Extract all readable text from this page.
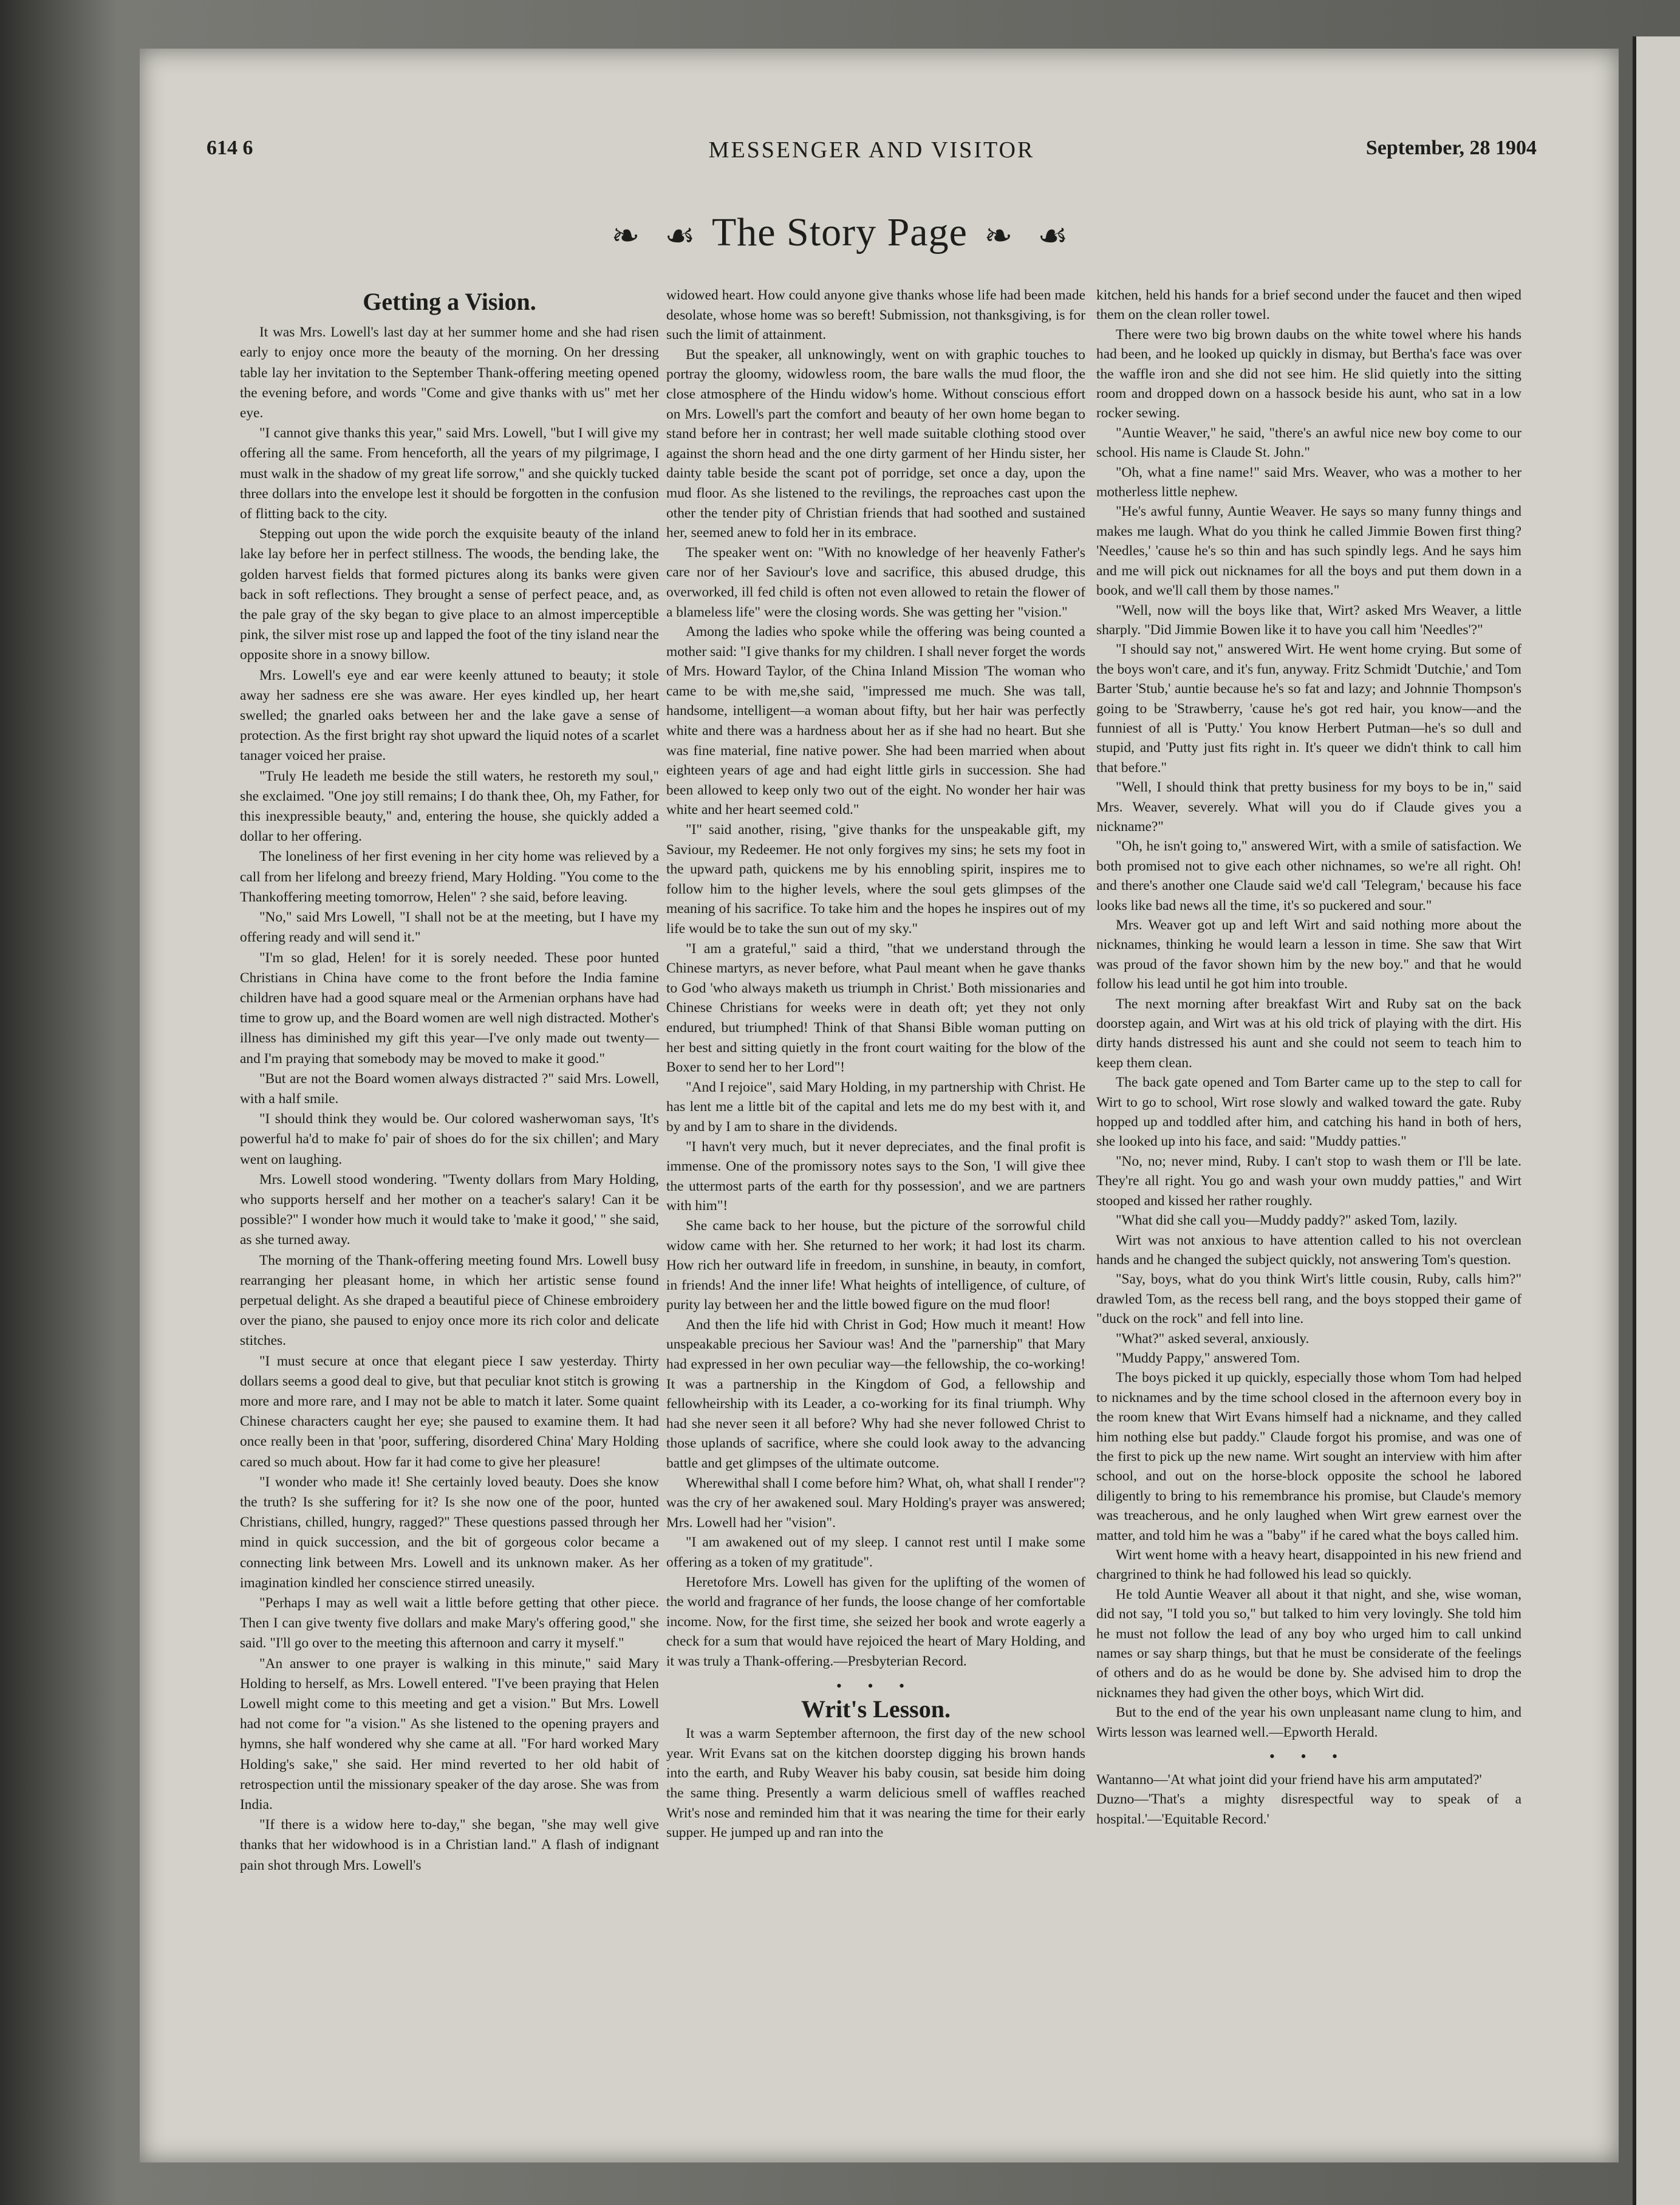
614 6	MESSENGER AND VISITOR	September, 28 1904
❧ ☙ The Story Page ❧ ☙
Getting a Vision.

It was Mrs. Lowell's last day at her summer home and she had risen early to enjoy once more the beauty of the morning. On her dressing table lay her invitation to the September Thank-offering meeting opened the evening before, and words "Come and give thanks with us" met her eye.

"I cannot give thanks this year," said Mrs. Lowell, "but I will give my offering all the same. From henceforth, all the years of my pilgrimage, I must walk in the shadow of my great life sorrow," and she quickly tucked three dollars into the envelope lest it should be forgotten in the confusion of flitting back to the city.

Stepping out upon the wide porch the exquisite beauty of the inland lake lay before her in perfect stillness. The woods, the bending lake, the golden harvest fields that formed pictures along its banks were given back in soft reflections. They brought a sense of perfect peace, and, as the pale gray of the sky began to give place to an almost imperceptible pink, the silver mist rose up and lapped the foot of the tiny island near the opposite shore in a snowy billow.

Mrs. Lowell's eye and ear were keenly attuned to beauty; it stole away her sadness ere she was aware. Her eyes kindled up, her heart swelled; the gnarled oaks between her and the lake gave a sense of protection. As the first bright ray shot upward the liquid notes of a scarlet tanager voiced her praise.

"Truly He leadeth me beside the still waters, he restoreth my soul," she exclaimed. "One joy still remains; I do thank thee, Oh, my Father, for this inexpressible beauty," and, entering the house, she quickly added a dollar to her offering.

The loneliness of her first evening in her city home was relieved by a call from her lifelong and breezy friend, Mary Holding. "You come to the Thankoffering meeting tomorrow, Helen" ? she said, before leaving.

"No," said Mrs Lowell, "I shall not be at the meeting, but I have my offering ready and will send it."

"I'm so glad, Helen! for it is sorely needed. These poor hunted Christians in China have come to the front before the India famine children have had a good square meal or the Armenian orphans have had time to grow up, and the Board women are well nigh distracted. Mother's illness has diminished my gift this year—I've only made out twenty—and I'm praying that somebody may be moved to make it good."

"But are not the Board women always distracted ?" said Mrs. Lowell, with a half smile.

"I should think they would be. Our colored washerwoman says, 'It's powerful ha'd to make fo' pair of shoes do for the six chillen'; and Mary went on laughing.

Mrs. Lowell stood wondering. "Twenty dollars from Mary Holding, who supports herself and her mother on a teacher's salary! Can it be possible?" I wonder how much it would take to 'make it good,' " she said, as she turned away.

The morning of the Thank-offering meeting found Mrs. Lowell busy rearranging her pleasant home, in which her artistic sense found perpetual delight. As she draped a beautiful piece of Chinese embroidery over the piano, she paused to enjoy once more its rich color and delicate stitches.

"I must secure at once that elegant piece I saw yesterday. Thirty dollars seems a good deal to give, but that peculiar knot stitch is growing more and more rare, and I may not be able to match it later. Some quaint Chinese characters caught her eye; she paused to examine them. It had once really been in that 'poor, suffering, disordered China' Mary Holding cared so much about. How far it had come to give her pleasure!

"I wonder who made it! She certainly loved beauty. Does she know the truth? Is she suffering for it? Is she now one of the poor, hunted Christians, chilled, hungry, ragged?" These questions passed through her mind in quick succession, and the bit of gorgeous color became a connecting link between Mrs. Lowell and its unknown maker. As her imagination kindled her conscience stirred uneasily.

"Perhaps I may as well wait a little before getting that other piece. Then I can give twenty five dollars and make Mary's offering good," she said. "I'll go over to the meeting this afternoon and carry it myself."

"An answer to one prayer is walking in this minute," said Mary Holding to herself, as Mrs. Lowell entered. "I've been praying that Helen Lowell might come to this meeting and get a vision." But Mrs. Lowell had not come for "a vision." As she listened to the opening prayers and hymns, she half wondered why she came at all. "For hard worked Mary Holding's sake," she said. Her mind reverted to her old habit of retrospection until the missionary speaker of the day arose. She was from India.

"If there is a widow here to-day," she began, "she may well give thanks that her widowhood is in a Christian land." A flash of indignant pain shot through Mrs. Lowell's

widowed heart. How could anyone give thanks whose life had been made desolate, whose home was so bereft! Submission, not thanksgiving, is for such the limit of attainment.

But the speaker, all unknowingly, went on with graphic touches to portray the gloomy, widowless room, the bare walls the mud floor, the close atmosphere of the Hindu widow's home. Without conscious effort on Mrs. Lowell's part the comfort and beauty of her own home began to stand before her in contrast; her well made suitable clothing stood over against the shorn head and the one dirty garment of her Hindu sister, her dainty table beside the scant pot of porridge, set once a day, upon the mud floor. As she listened to the revilings, the reproaches cast upon the other the tender pity of Christian friends that had soothed and sustained her, seemed anew to fold her in its embrace.

The speaker went on: "With no knowledge of her heavenly Father's care nor of her Saviour's love and sacrifice, this abused drudge, this overworked, ill fed child is often not even allowed to retain the flower of a blameless life" were the closing words. She was getting her "vision."

Among the ladies who spoke while the offering was being counted a mother said: "I give thanks for my children. I shall never forget the words of Mrs. Howard Taylor, of the China Inland Mission 'The woman who came to be with me,she said, "impressed me much. She was tall, handsome, intelligent—a woman about fifty, but her hair was perfectly white and there was a hardness about her as if she had no heart. But she was fine material, fine native power. She had been married when about eighteen years of age and had eight little girls in succession. She had been allowed to keep only two out of the eight. No wonder her hair was white and her heart seemed cold."

"I" said another, rising, "give thanks for the unspeakable gift, my Saviour, my Redeemer. He not only forgives my sins; he sets my foot in the upward path, quickens me by his ennobling spirit, inspires me to follow him to the higher levels, where the soul gets glimpses of the meaning of his sacrifice. To take him and the hopes he inspires out of my life would be to take the sun out of my sky."

"I am a grateful," said a third, "that we understand through the Chinese martyrs, as never before, what Paul meant when he gave thanks to God 'who always maketh us triumph in Christ.' Both missionaries and Chinese Christians for weeks were in death oft; yet they not only endured, but triumphed! Think of that Shansi Bible woman putting on her best and sitting quietly in the front court waiting for the blow of the Boxer to send her to her Lord"!

"And I rejoice", said Mary Holding, in my partnership with Christ. He has lent me a little bit of the capital and lets me do my best with it, and by and by I am to share in the dividends.

"I havn't very much, but it never depreciates, and the final profit is immense. One of the promissory notes says to the Son, 'I will give thee the uttermost parts of the earth for thy possession', and we are partners with him"!

She came back to her house, but the picture of the sorrowful child widow came with her. She returned to her work; it had lost its charm. How rich her outward life in freedom, in sunshine, in beauty, in comfort, in friends! And the inner life! What heights of intelligence, of culture, of purity lay between her and the little bowed figure on the mud floor!

And then the life hid with Christ in God; How much it meant! How unspeakable precious her Saviour was! And the "parnership" that Mary had expressed in her own peculiar way—the fellowship, the co-working! It was a partnership in the Kingdom of God, a fellowship and fellowheirship with its Leader, a co-working for its final triumph. Why had she never seen it all before? Why had she never followed Christ to those uplands of sacrifice, where she could look away to the advancing battle and get glimpses of the ultimate outcome.

Wherewithal shall I come before him? What, oh, what shall I render"? was the cry of her awakened soul. Mary Holding's prayer was answered; Mrs. Lowell had her "vision".

"I am awakened out of my sleep. I cannot rest until I make some offering as a token of my gratitude".

Heretofore Mrs. Lowell has given for the uplifting of the women of the world and fragrance of her funds, the loose change of her comfortable income. Now, for the first time, she seized her book and wrote eagerly a check for a sum that would have rejoiced the heart of Mary Holding, and it was truly a Thank-offering.—Presbyterian Record.

• • •
Writ's Lesson.

It was a warm September afternoon, the first day of the new school year. Writ Evans sat on the kitchen doorstep digging his brown hands into the earth, and Ruby Weaver his baby cousin, sat beside him doing the same thing. Presently a warm delicious smell of waffles reached Writ's nose and reminded him that it was nearing the time for their early supper. He jumped up and ran into the

kitchen, held his hands for a brief second under the faucet and then wiped them on the clean roller towel.

There were two big brown daubs on the white towel where his hands had been, and he looked up quickly in dismay, but Bertha's face was over the waffle iron and she did not see him. He slid quietly into the sitting room and dropped down on a hassock beside his aunt, who sat in a low rocker sewing.

"Auntie Weaver," he said, "there's an awful nice new boy come to our school. His name is Claude St. John."

"Oh, what a fine name!" said Mrs. Weaver, who was a mother to her motherless little nephew.

"He's awful funny, Auntie Weaver. He says so many funny things and makes me laugh. What do you think he called Jimmie Bowen first thing? 'Needles,' 'cause he's so thin and has such spindly legs. And he says him and me will pick out nicknames for all the boys and put them down in a book, and we'll call them by those names."

"Well, now will the boys like that, Wirt? asked Mrs Weaver, a little sharply. "Did Jimmie Bowen like it to have you call him 'Needles'?"

"I should say not," answered Wirt. He went home crying. But some of the boys won't care, and it's fun, anyway. Fritz Schmidt 'Dutchie,' and Tom Barter 'Stub,' auntie because he's so fat and lazy; and Johnnie Thompson's going to be 'Strawberry, 'cause he's got red hair, you know—and the funniest of all is 'Putty.' You know Herbert Putman—he's so dull and stupid, and 'Putty just fits right in. It's queer we didn't think to call him that before."

"Well, I should think that pretty business for my boys to be in," said Mrs. Weaver, severely. What will you do if Claude gives you a nickname?"

"Oh, he isn't going to," answered Wirt, with a smile of satisfaction. We both promised not to give each other nichnames, so we're all right. Oh! and there's another one Claude said we'd call 'Telegram,' because his face looks like bad news all the time, it's so puckered and sour."

Mrs. Weaver got up and left Wirt and said nothing more about the nicknames, thinking he would learn a lesson in time. She saw that Wirt was proud of the favor shown him by the new boy." and that he would follow his lead until he got him into trouble.

The next morning after breakfast Wirt and Ruby sat on the back doorstep again, and Wirt was at his old trick of playing with the dirt. His dirty hands distressed his aunt and she could not seem to teach him to keep them clean.

The back gate opened and Tom Barter came up to the step to call for Wirt to go to school, Wirt rose slowly and walked toward the gate. Ruby hopped up and toddled after him, and catching his hand in both of hers, she looked up into his face, and said: "Muddy patties."

"No, no; never mind, Ruby. I can't stop to wash them or I'll be late. They're all right. You go and wash your own muddy patties," and Wirt stooped and kissed her rather roughly.

"What did she call you—Muddy paddy?" asked Tom, lazily.

Wirt was not anxious to have attention called to his not overclean hands and he changed the subject quickly, not answering Tom's question.

"Say, boys, what do you think Wirt's little cousin, Ruby, calls him?" drawled Tom, as the recess bell rang, and the boys stopped their game of "duck on the rock" and fell into line.

"What?" asked several, anxiously.

"Muddy Pappy," answered Tom.

The boys picked it up quickly, especially those whom Tom had helped to nicknames and by the time school closed in the afternoon every boy in the room knew that Wirt Evans himself had a nickname, and they called him nothing else but paddy." Claude forgot his promise, and was one of the first to pick up the new name. Wirt sought an interview with him after school, and out on the horse-block opposite the school he labored diligently to bring to his remembrance his promise, but Claude's memory was treacherous, and he only laughed when Wirt grew earnest over the matter, and told him he was a "baby" if he cared what the boys called him.

Wirt went home with a heavy heart, disappointed in his new friend and chargrined to think he had followed his lead so quickly.

He told Auntie Weaver all about it that night, and she, wise woman, did not say, "I told you so," but talked to him very lovingly. She told him he must not follow the lead of any boy who urged him to call unkind names or say sharp things, but that he must be considerate of the feelings of others and do as he would be done by. She advised him to drop the nicknames they had given the other boys, which Wirt did.

But to the end of the year his own unpleasant name clung to him, and Wirts lesson was learned well.—Epworth Herald.

• • •

Wantanno—'At what joint did your friend have his arm amputated?'

Duzno—'That's a mighty disrespectful way to speak of a hospital.'—'Equitable Record.'
